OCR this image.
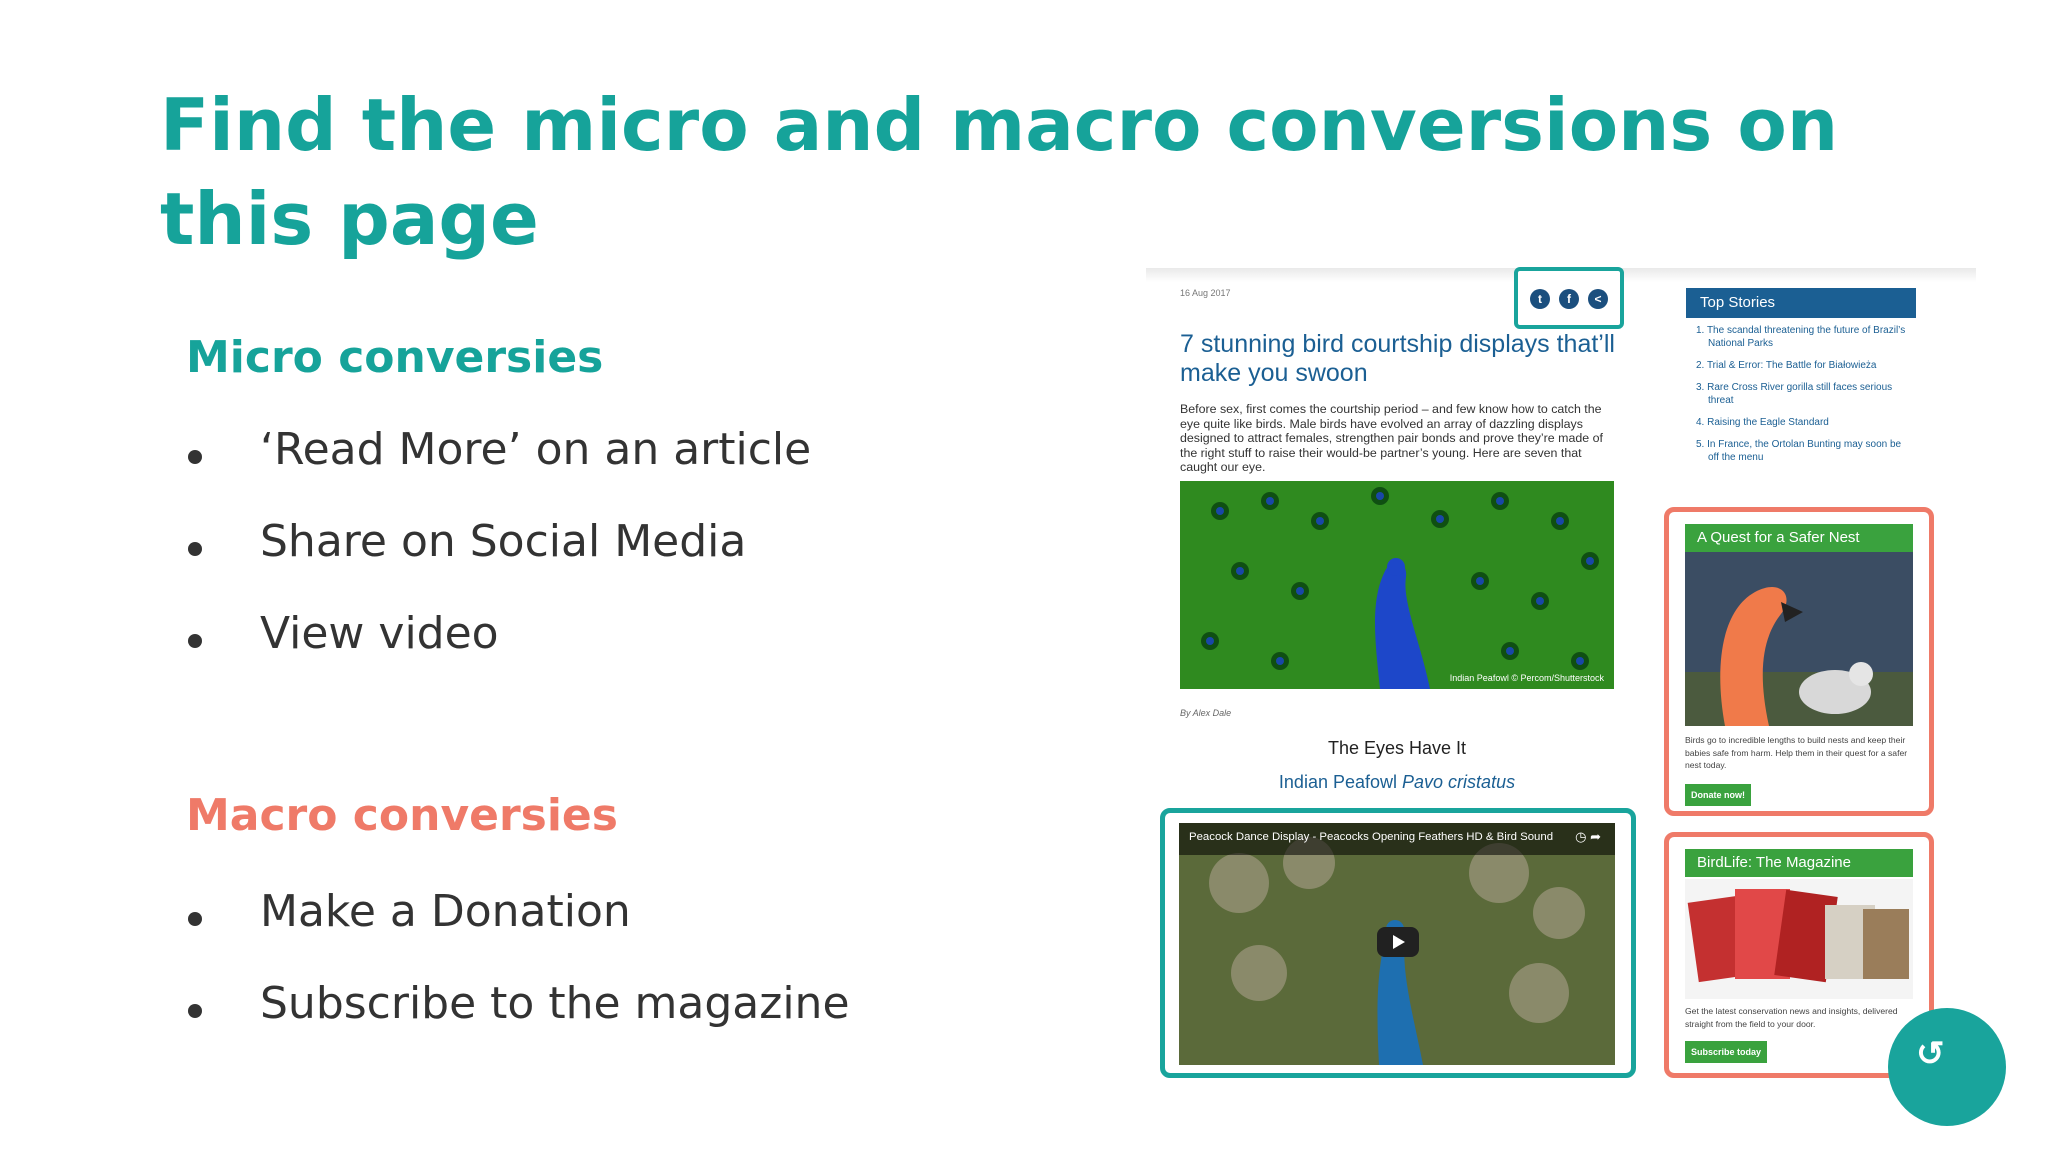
Find the micro and macro conversions on this page
Micro conversies
‘Read More’ on an article
Share on Social Media
View video
Macro conversies
Make a Donation
Subscribe to the magazine
16 Aug 2017	t	f	<
7 stunning bird courtship displays that’ll make you swoon
Before sex, first comes the courtship period – and few know how to catch the eye quite like birds. Male birds have evolved an array of dazzling displays designed to attract females, strengthen pair bonds and prove they’re made of the right stuff to raise their would-be partner’s young. Here are seven that caught our eye.
Indian Peafowl © Percom/Shutterstock
By Alex Dale
The Eyes Have It
Indian Peafowl Pavo cristatus
Peacock Dance Display - Peacocks Opening Feathers HD & Bird Sound ◷ ➦
Top Stories
1. The scandal threatening the future of Brazil’s National Parks
2. Trial & Error: The Battle for Białowieża
3. Rare Cross River gorilla still faces serious threat
4. Raising the Eagle Standard
5. In France, the Ortolan Bunting may soon be off the menu
A Quest for a Safer Nest
Birds go to incredible lengths to build nests and keep their babies safe from harm. Help them in their quest for a safer nest today.
Donate now!
BirdLife: The Magazine
Get the latest conservation news and insights, delivered straight from the field to your door.
Subscribe today	↺
